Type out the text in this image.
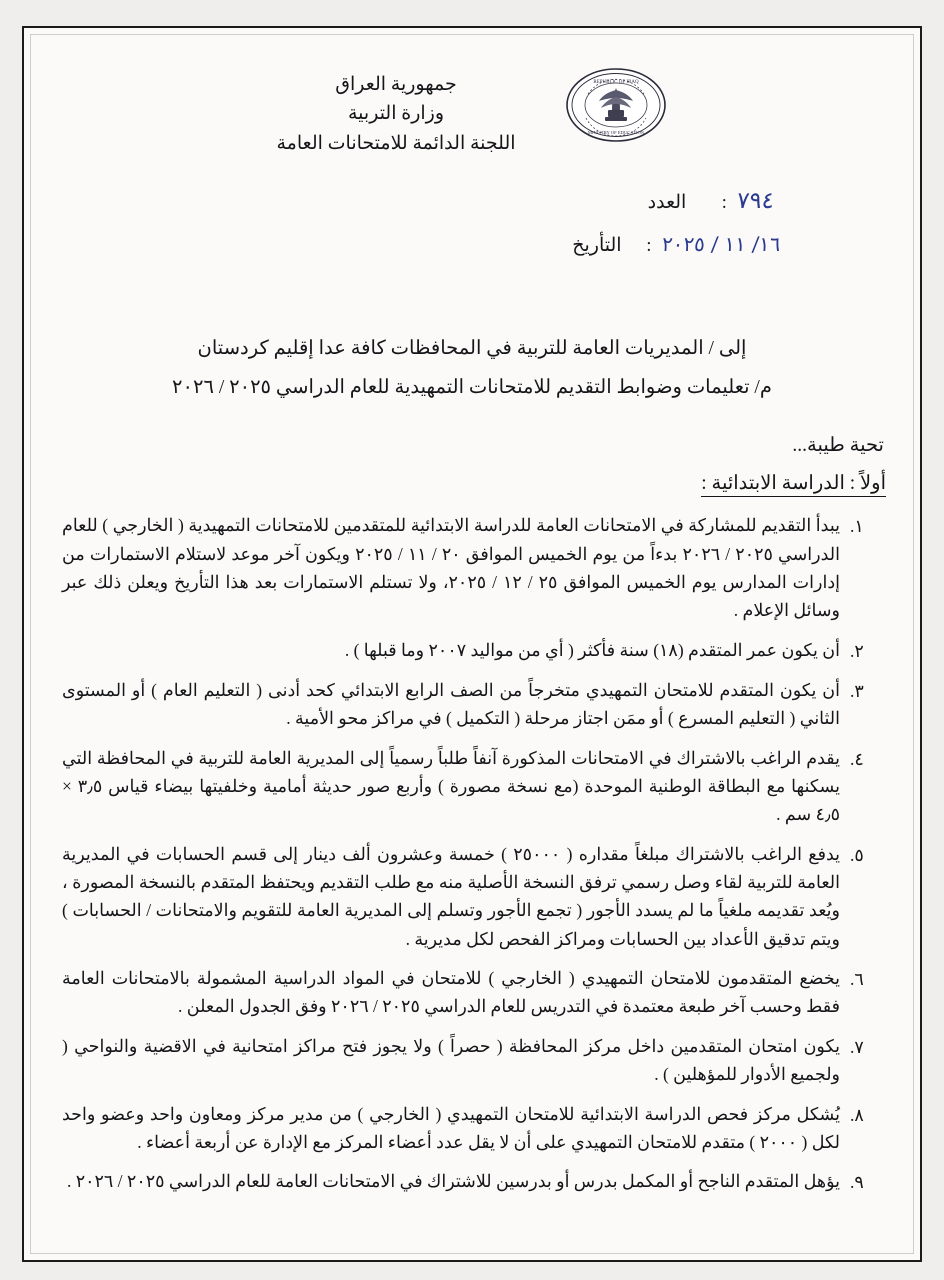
جمهورية العراق
وزارة التربية
اللجنة الدائمة للامتحانات العامة
REPUBLIC OF IRAQ
MINISTRY OF EDUCATION
٧٩٤
:
العدد
١٦/ ١١ / ٢٠٢٥
:
التأريخ
إلى / المديريات العامة للتربية في المحافظات كافة عدا إقليم كردستان
م/ تعليمات وضوابط التقديم للامتحانات التمهيدية للعام الدراسي ٢٠٢٥ / ٢٠٢٦
تحية طيبة...
أولاً : الدراسة الابتدائية :
١.
يبدأ التقديم للمشاركة في الامتحانات العامة للدراسة الابتدائية للمتقدمين للامتحانات التمهيدية ( الخارجي ) للعام الدراسي ٢٠٢٥ / ٢٠٢٦ بدءاً من يوم الخميس الموافق ٢٠ / ١١ / ٢٠٢٥ ويكون آخر موعد لاستلام الاستمارات من إدارات المدارس يوم الخميس الموافق ٢٥ / ١٢ / ٢٠٢٥، ولا تستلم الاستمارات بعد هذا التأريخ ويعلن ذلك عبر وسائل الإعلام .
٢.
أن يكون عمر المتقدم (١٨) سنة فأكثر ( أي من مواليد ٢٠٠٧ وما قبلها ) .
٣.
أن يكون المتقدم للامتحان التمهيدي متخرجاً من الصف الرابع الابتدائي كحد أدنى ( التعليم العام ) أو المستوى الثاني ( التعليم المسرع ) أو ممَن اجتاز مرحلة ( التكميل ) في مراكز محو الأمية .
٤.
يقدم الراغب بالاشتراك في الامتحانات المذكورة آنفاً طلباً رسمياً إلى المديرية العامة للتربية في المحافظة التي يسكنها مع البطاقة الوطنية الموحدة (مع نسخة مصورة ) وأربع صور حديثة أمامية وخلفيتها بيضاء قياس ٣٫٥ × ٤٫٥ سم .
٥.
يدفع الراغب بالاشتراك مبلغاً مقداره ( ٢٥٠٠٠ ) خمسة وعشرون ألف دينار إلى قسم الحسابات في المديرية العامة للتربية لقاء وصل رسمي ترفق النسخة الأصلية منه مع طلب التقديم ويحتفظ المتقدم بالنسخة المصورة ، ويُعد تقديمه ملغياً ما لم يسدد الأجور ( تجمع الأجور وتسلم إلى المديرية العامة للتقويم والامتحانات / الحسابات ) ويتم تدقيق الأعداد بين الحسابات ومراكز الفحص لكل مديرية .
٦.
يخضع المتقدمون للامتحان التمهيدي ( الخارجي ) للامتحان في المواد الدراسية المشمولة بالامتحانات العامة فقط وحسب آخر طبعة معتمدة في التدريس للعام الدراسي ٢٠٢٥ / ٢٠٢٦ وفق الجدول المعلن .
٧.
يكون امتحان المتقدمين داخل مركز المحافظة ( حصراً ) ولا يجوز فتح مراكز امتحانية في الاقضية والنواحي ( ولجميع الأدوار للمؤهلين ) .
٨.
يُشكل مركز فحص الدراسة الابتدائية للامتحان التمهيدي ( الخارجي ) من مدير مركز ومعاون واحد وعضو واحد لكل ( ٢٠٠٠ ) متقدم للامتحان التمهيدي على أن لا يقل عدد أعضاء المركز مع الإدارة عن أربعة أعضاء .
٩.
يؤهل المتقدم الناجح أو المكمل بدرس أو بدرسين للاشتراك في الامتحانات العامة للعام الدراسي ٢٠٢٥ / ٢٠٢٦ .
